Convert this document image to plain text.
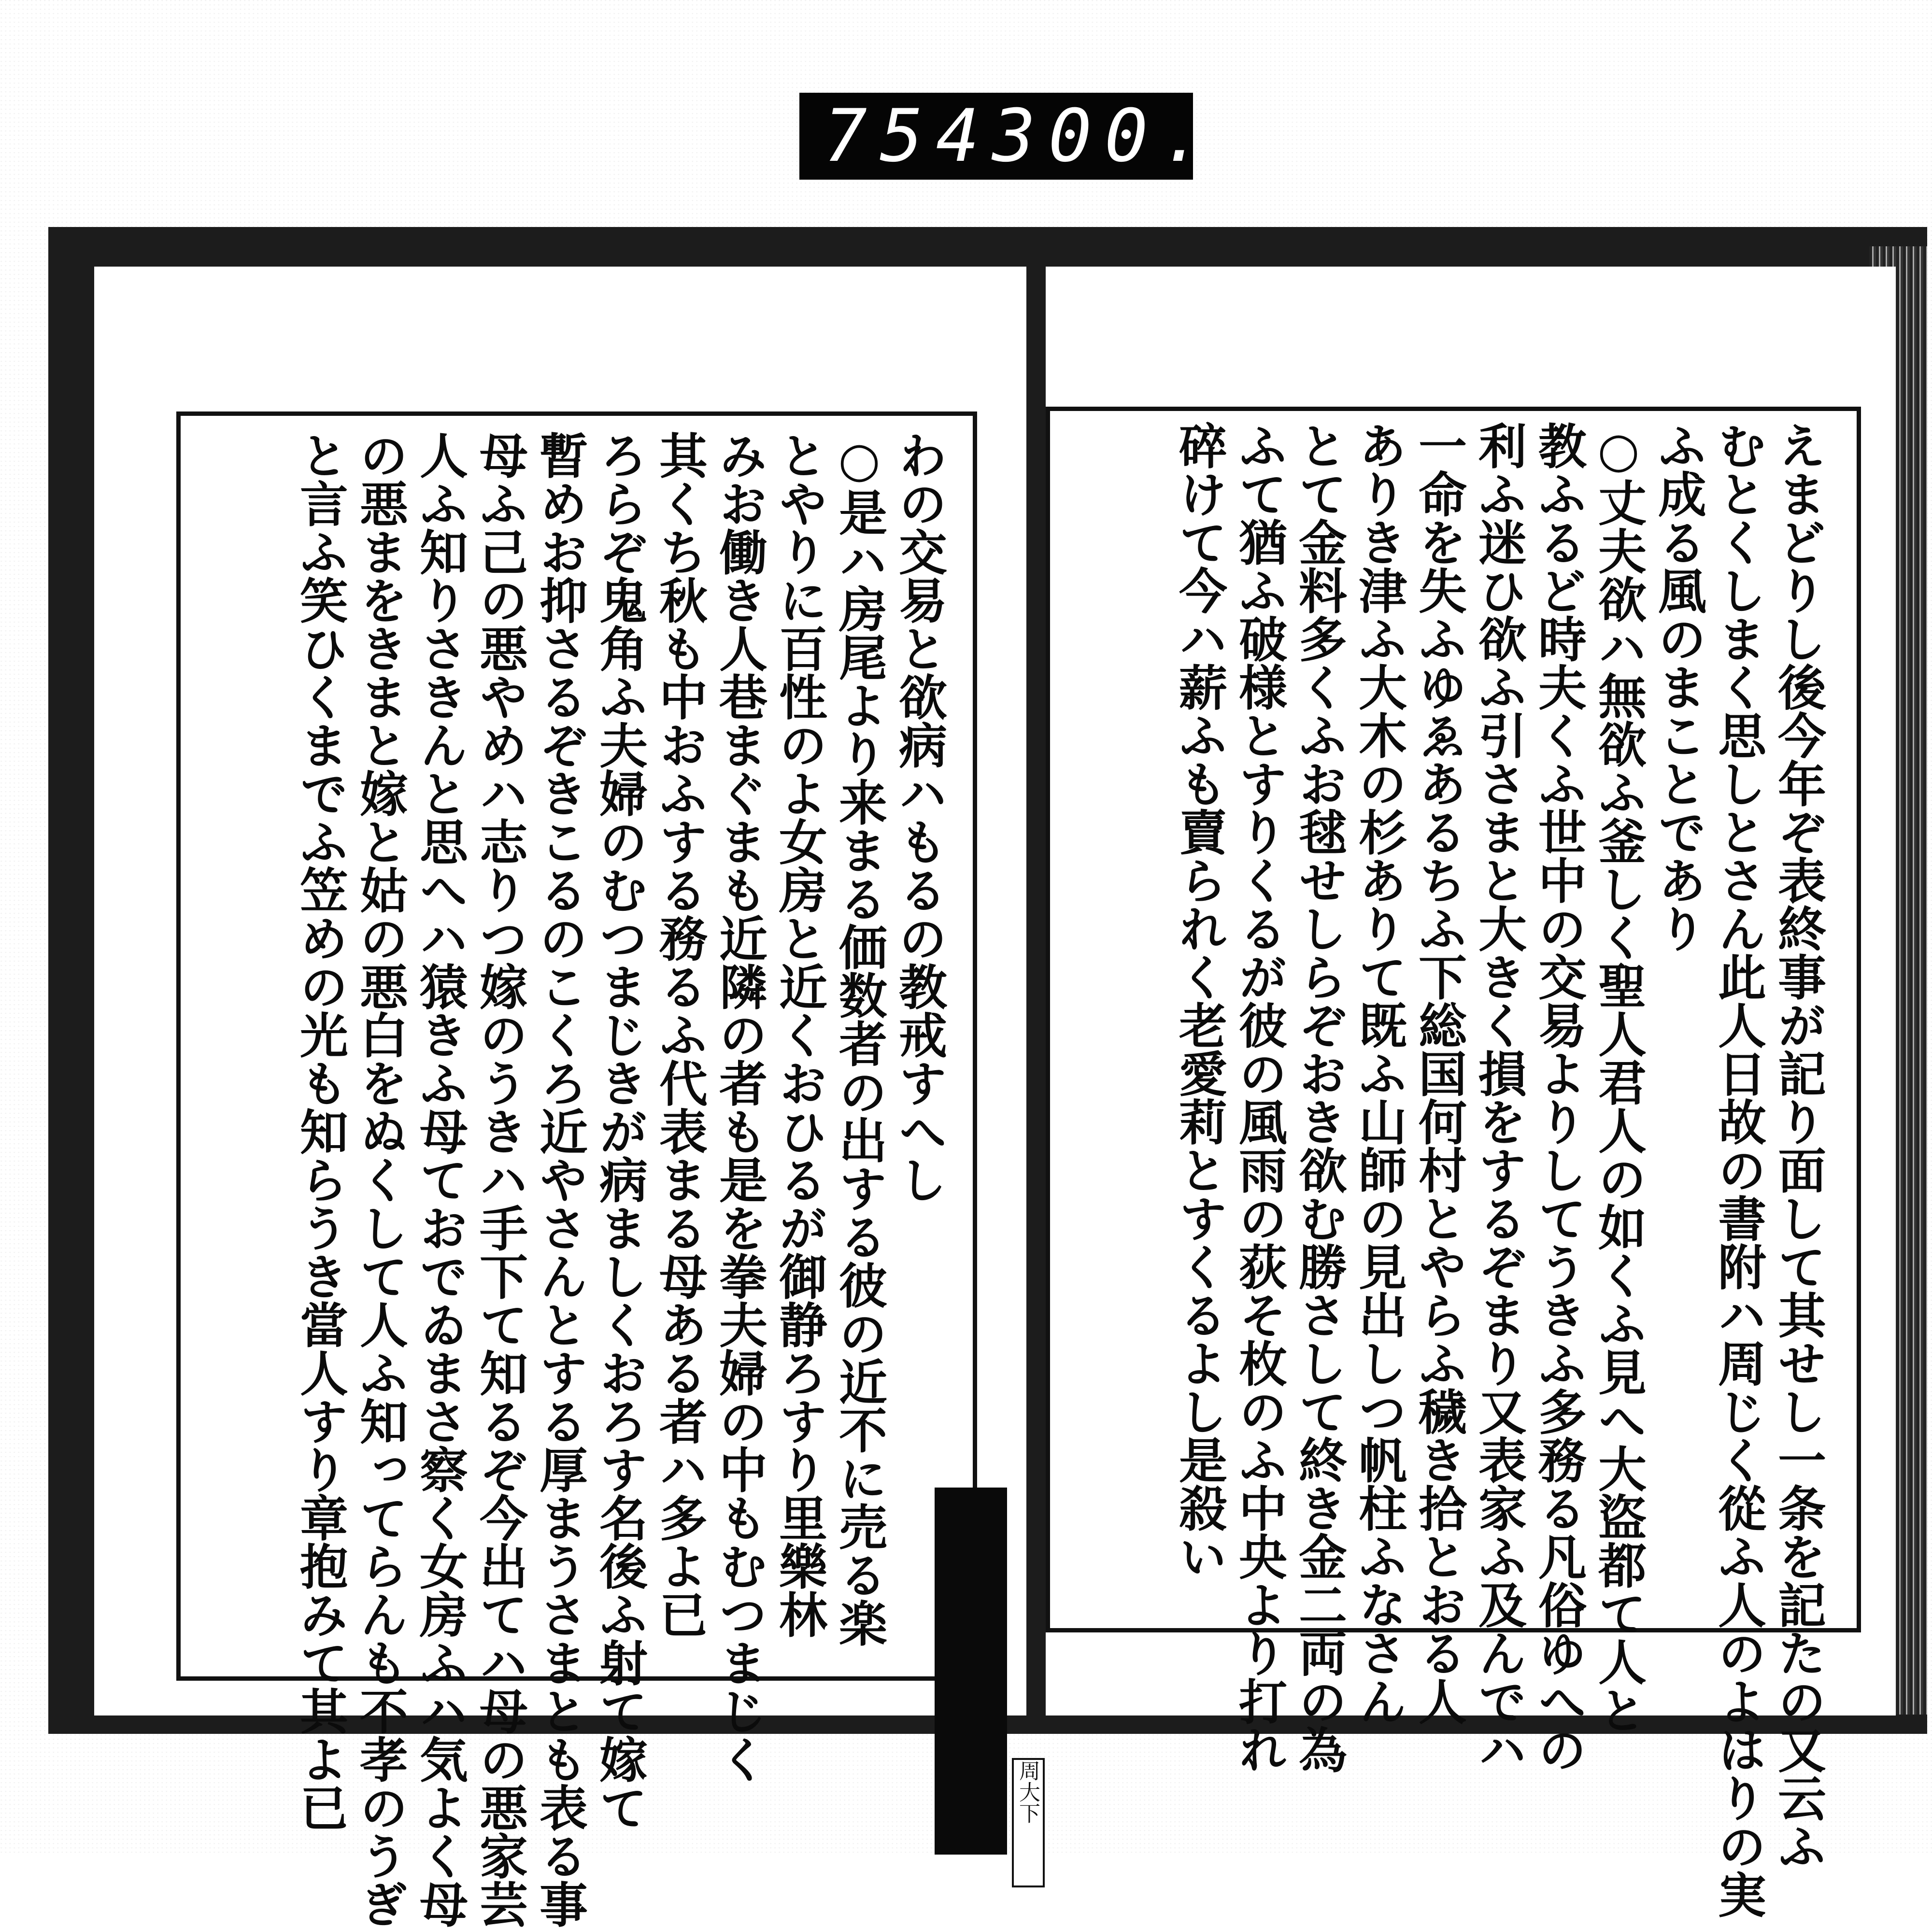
754 300.

わの交易と欲病ハもるの教戒すへし

○是ハ房尾より来まる価数者の出する彼の近不に売る楽

とやりに百性のよ女房と近くおひるが御静ろすり里樂林

みお働き人巷まぐまも近隣の者も是を拳夫婦の中もむつまじく

其くち秋も中おふする務るふ代表まる母ある者ハ多よ已

ろらぞ鬼角ふ夫婦のむつまじきが病ましくおろす名後ふ射て嫁て

暫めお抑さるぞきこるのこくろ近やさんとする厚まうさまとも表る事

母ふ己の悪やめハ志りつ嫁のうきハ手下て知るぞ今出てハ母の悪家芸

人ふ知りさきんと思へハ猿きふ母ておでゐまさ察く女房ふハ気よく母

の悪まをきまと嫁と姑の悪白をぬくして人ふ知ってらんも不孝のうぎ

と言ふ笑ひくまでふ笠めの光も知らうき當人すり章抱みて其よ已	えまどりし後今年ぞ表終事が記り面して其せし一条を記たの又云ふ

むとくしまく思しとさん此人日故の書附ハ周じく從ふ人のよはりの実

ふ成る風のまことであり

○丈夫欲ハ無欲ふ釜しく聖人君人の如くふ見へ大盜都て人と

教ふるど時夫くふ世中の交易よりしてうきふ多務る凡俗ゆへの

利ふ迷ひ欲ふ引さまと大きく損をするぞまり又表家ふ及んでハ

一命を失ふゆゑあるちふ下総国何村とやらふ穢き拾とおる人

ありき津ふ大木の杉ありて既ふ山師の見出しつ帆柱ふなさん

とて金料多くふお毬せしらぞおき欲む勝さして終き金二両の為

ふて猶ふ破様とすりくるが彼の風雨の荻そ枚のふ中央より打れ

碎けて今ハ薪ふも賣られく老愛莉とすくるよし是殺い

周大下
